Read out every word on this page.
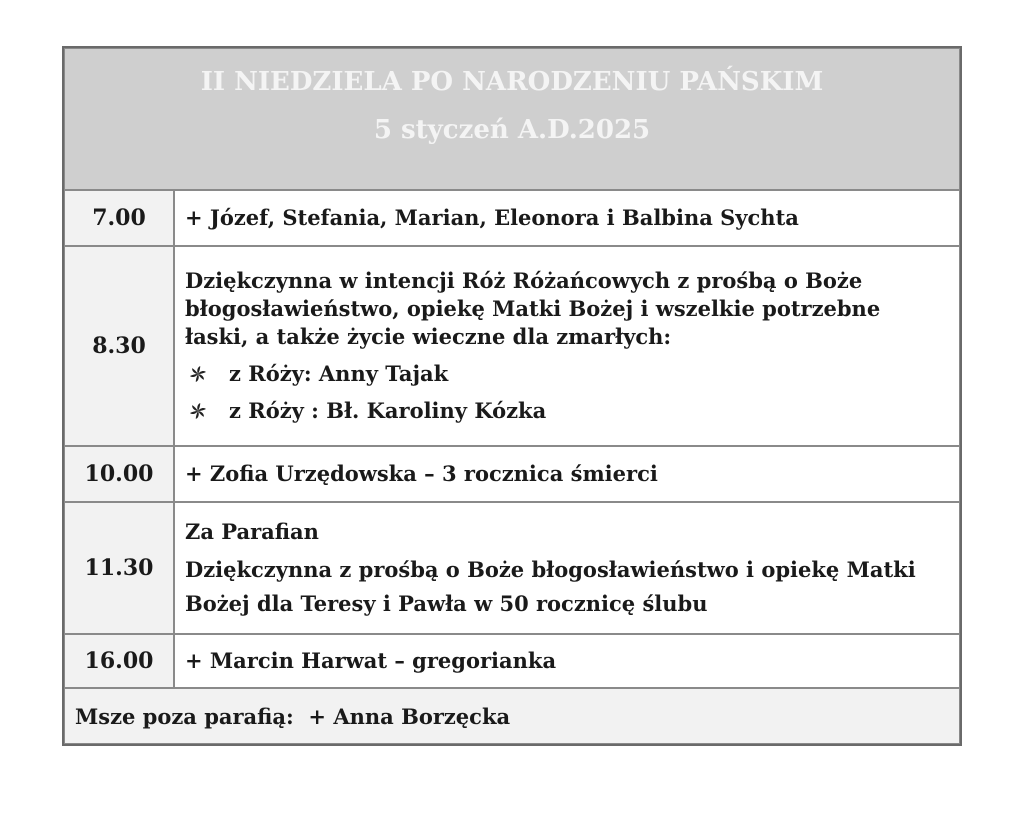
II NIEDZIELA PO NARODZENIU PAŃSKIM
5 styczeń A.D.2025	

7.00	+ Józef, Stefania, Marian, Eleonora i Balbina Sychta

8.30	Dziękczynna w intencji Róż Różańcowych z prośbą o Boże

błogosławieństwo, opiekę Matki Bożej i wszelkie potrzebne

łaski, a także życie wieczne dla zmarłych:

z Róży: Anny Tajak
z Róży : Bł. Karoliny Kózka

10.00	+ Zofia Urzędowska – 3 rocznica śmierci

11.30	Za Parafian

Dziękczynna z prośbą o Boże błogosławieństwo i opiekę Matki

Bożej dla Teresy i Pawła w 50 rocznicę ślubu

16.00	+ Marcin Harwat – gregorianka

Msze poza parafią:  + Anna Borzęcka	
